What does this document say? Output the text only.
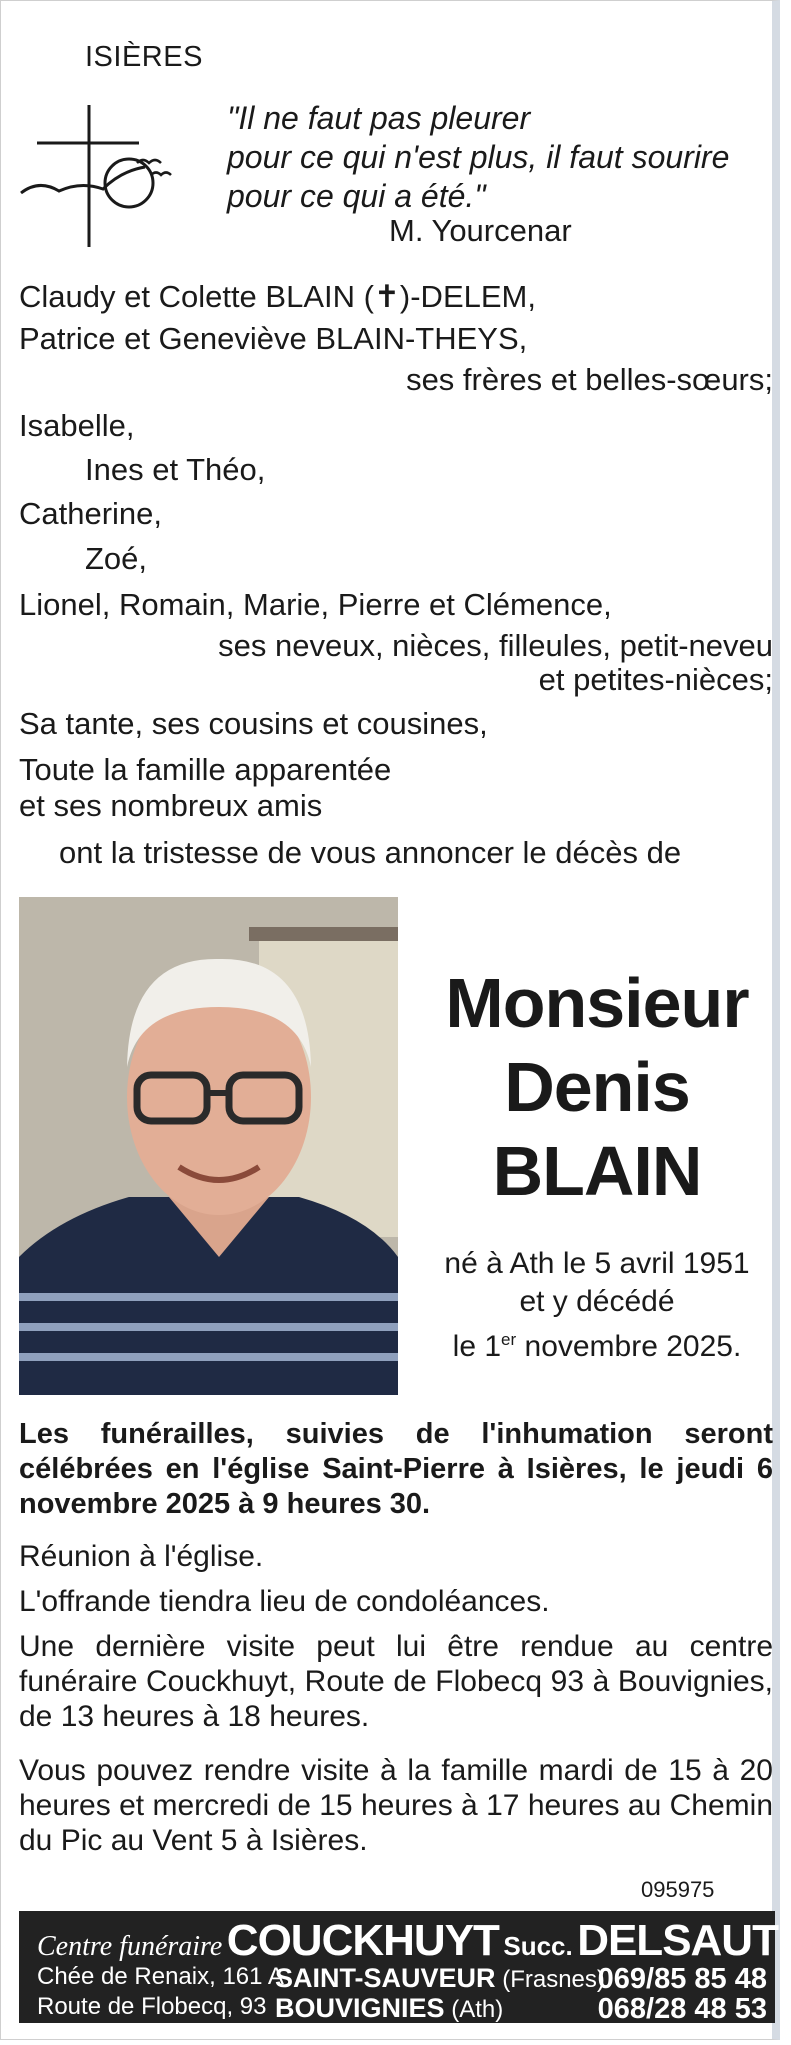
ISIÈRES
"Il ne faut pas pleurer
pour ce qui n'est plus, il faut sourire
pour ce qui a été."
M. Yourcenar
Claudy et Colette BLAIN (✝)-DELEM,
Patrice et Geneviève BLAIN-THEYS,
ses frères et belles-sœurs;
Isabelle,
Ines et Théo,
Catherine,
Zoé,
Lionel, Romain, Marie, Pierre et Clémence,
ses neveux, nièces, filleules, petit-neveu
et petites-nièces;
Sa tante, ses cousins et cousines,
Toute la famille apparentée
et ses nombreux amis
ont la tristesse de vous annoncer le décès de
Monsieur
Denis
BLAIN
né à Ath le 5 avril 1951
et y décédé
le 1er novembre 2025.
Les funérailles, suivies de l'inhumation seront célébrées en l'église Saint-Pierre à Isières, le jeudi 6 novembre 2025 à 9 heures 30.
Réunion à l'église.
L'offrande tiendra lieu de condoléances.
Une dernière visite peut lui être rendue au centre funéraire Couckhuyt, Route de Flobecq 93 à Bouvignies, de 13 heures à 18 heures.
Vous pouvez rendre visite à la famille mardi de 15 à 20 heures et mercredi de 15 heures à 17 heures au Chemin du Pic au Vent 5 à Isières.
095975
Centre funéraire COUCKHUYT Succ. DELSAUT
Chée de Renaix, 161 A
SAINT-SAUVEUR (Frasnes)
069/85 85 48
Route de Flobecq, 93 BOUVIGNIES (Ath)	068/28 48 53
